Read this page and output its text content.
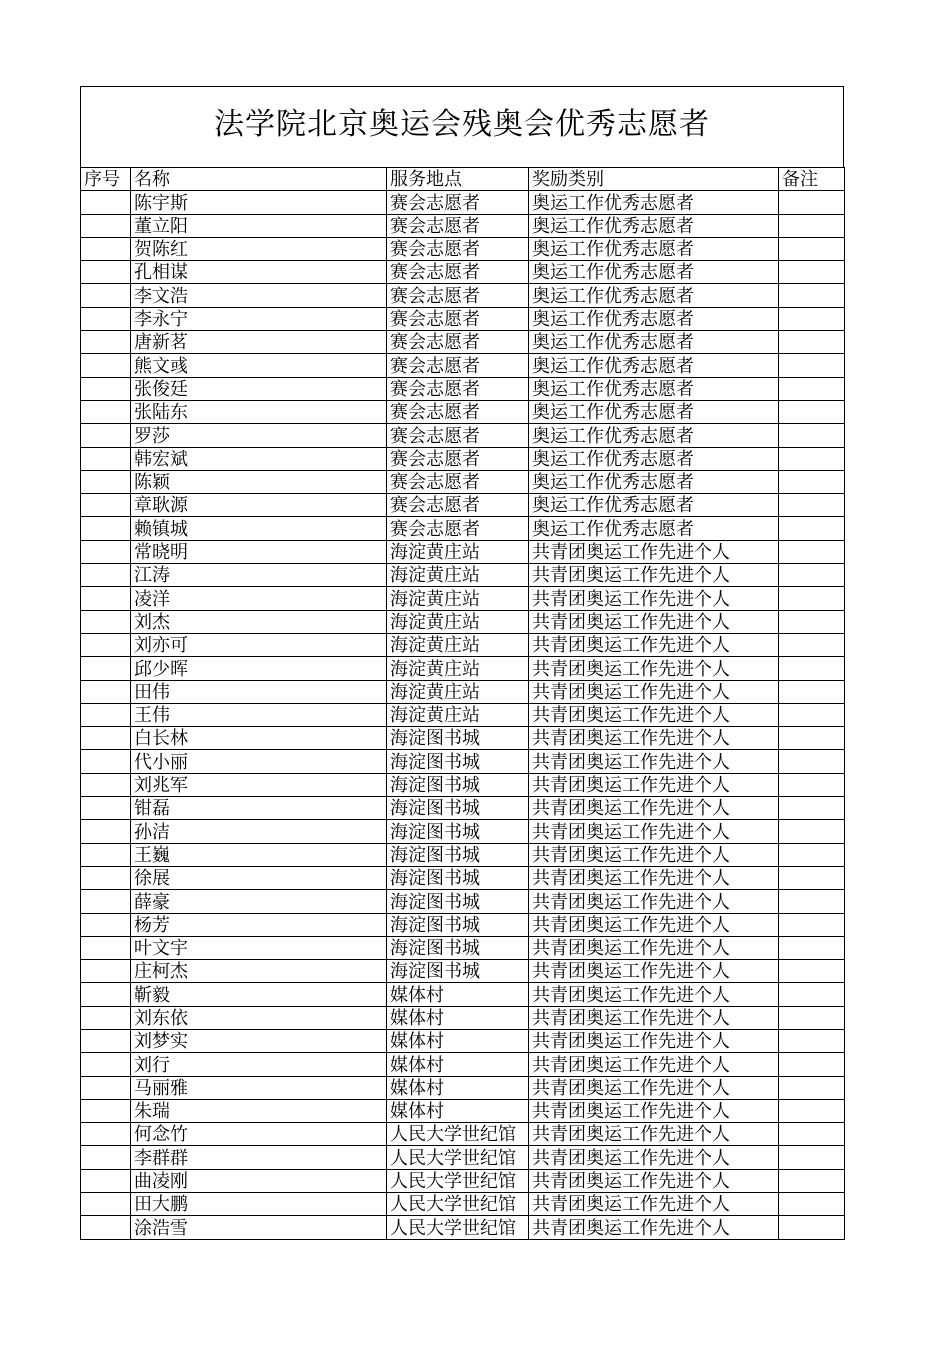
法学院北京奥运会残奥会优秀志愿者
序号	名称	服务地点	奖励类别	备注
	陈宇斯	赛会志愿者	奥运工作优秀志愿者	
	董立阳	赛会志愿者	奥运工作优秀志愿者	
	贺陈红	赛会志愿者	奥运工作优秀志愿者	
	孔相谋	赛会志愿者	奥运工作优秀志愿者	
	李文浩	赛会志愿者	奥运工作优秀志愿者	
	李永宁	赛会志愿者	奥运工作优秀志愿者	
	唐新茗	赛会志愿者	奥运工作优秀志愿者	
	熊文彧	赛会志愿者	奥运工作优秀志愿者	
	张俊廷	赛会志愿者	奥运工作优秀志愿者	
	张陆东	赛会志愿者	奥运工作优秀志愿者	
	罗莎	赛会志愿者	奥运工作优秀志愿者	
	韩宏斌	赛会志愿者	奥运工作优秀志愿者	
	陈颖	赛会志愿者	奥运工作优秀志愿者	
	章耿源	赛会志愿者	奥运工作优秀志愿者	
	赖镇城	赛会志愿者	奥运工作优秀志愿者	
	常晓明	海淀黄庄站	共青团奥运工作先进个人	
	江涛	海淀黄庄站	共青团奥运工作先进个人	
	凌洋	海淀黄庄站	共青团奥运工作先进个人	
	刘杰	海淀黄庄站	共青团奥运工作先进个人	
	刘亦可	海淀黄庄站	共青团奥运工作先进个人	
	邱少晖	海淀黄庄站	共青团奥运工作先进个人	
	田伟	海淀黄庄站	共青团奥运工作先进个人	
	王伟	海淀黄庄站	共青团奥运工作先进个人	
	白长林	海淀图书城	共青团奥运工作先进个人	
	代小丽	海淀图书城	共青团奥运工作先进个人	
	刘兆军	海淀图书城	共青团奥运工作先进个人	
	钳磊	海淀图书城	共青团奥运工作先进个人	
	孙洁	海淀图书城	共青团奥运工作先进个人	
	王巍	海淀图书城	共青团奥运工作先进个人	
	徐展	海淀图书城	共青团奥运工作先进个人	
	薛豪	海淀图书城	共青团奥运工作先进个人	
	杨芳	海淀图书城	共青团奥运工作先进个人	
	叶文宇	海淀图书城	共青团奥运工作先进个人	
	庄柯杰	海淀图书城	共青团奥运工作先进个人	
	靳毅	媒体村	共青团奥运工作先进个人	
	刘东依	媒体村	共青团奥运工作先进个人	
	刘梦实	媒体村	共青团奥运工作先进个人	
	刘行	媒体村	共青团奥运工作先进个人	
	马丽雅	媒体村	共青团奥运工作先进个人	
	朱瑞	媒体村	共青团奥运工作先进个人	
	何念竹	人民大学世纪馆	共青团奥运工作先进个人	
	李群群	人民大学世纪馆	共青团奥运工作先进个人	
	曲凌刚	人民大学世纪馆	共青团奥运工作先进个人	
	田大鹏	人民大学世纪馆	共青团奥运工作先进个人	
	涂浩雪	人民大学世纪馆	共青团奥运工作先进个人	
